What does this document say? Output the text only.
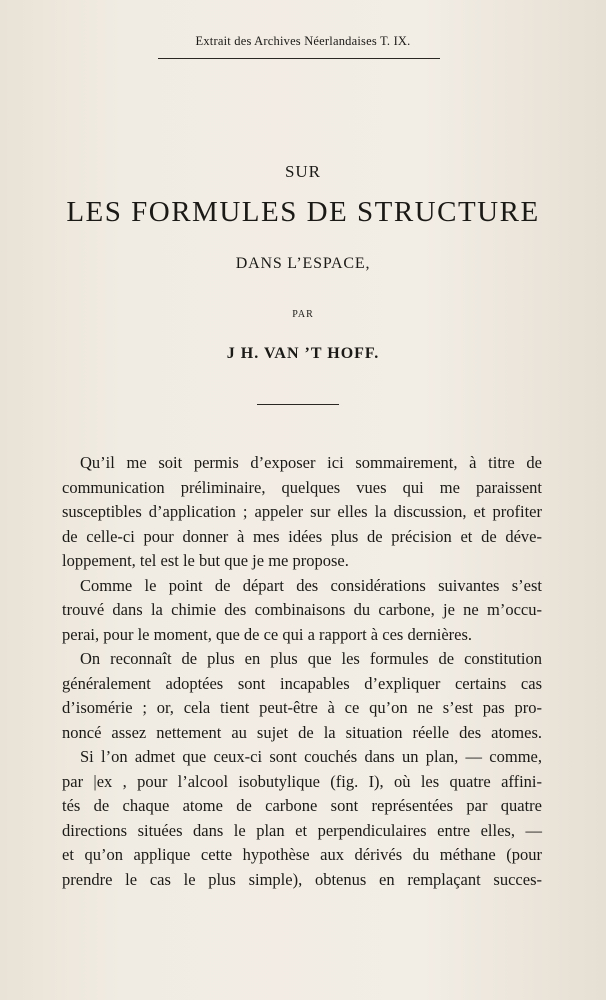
Extrait des Archives Néerlandaises T. IX.
SUR
LES FORMULES DE STRUCTURE
DANS L’ESPACE,
PAR
J H. VAN ’T HOFF.
Qu’il me soit permis d’exposer ici sommairement, à titre de
communication préliminaire, quelques vues qui me paraissent
susceptibles d’application ; appeler sur elles la discussion, et profiter
de celle-ci pour donner à mes idées plus de précision et de déve-
loppement, tel est le but que je me propose.
Comme le point de départ des considérations suivantes s’est
trouvé dans la chimie des combinaisons du carbone, je ne m’occu-
perai, pour le moment, que de ce qui a rapport à ces dernières.
On reconnaît de plus en plus que les formules de constitution
généralement adoptées sont incapables d’expliquer certains cas
d’isomérie ; or, cela tient peut-être à ce qu’on ne s’est pas pro-
noncé assez nettement au sujet de la situation réelle des atomes.
Si l’on admet que ceux-ci sont couchés dans un plan, — comme,
par |ex , pour l’alcool isobutylique (fig. I), où les quatre affini-
tés de chaque atome de carbone sont représentées par quatre
directions situées dans le plan et perpendiculaires entre elles, —
et qu’on applique cette hypothèse aux dérivés du méthane (pour
prendre le cas le plus simple), obtenus en remplaçant succes-
